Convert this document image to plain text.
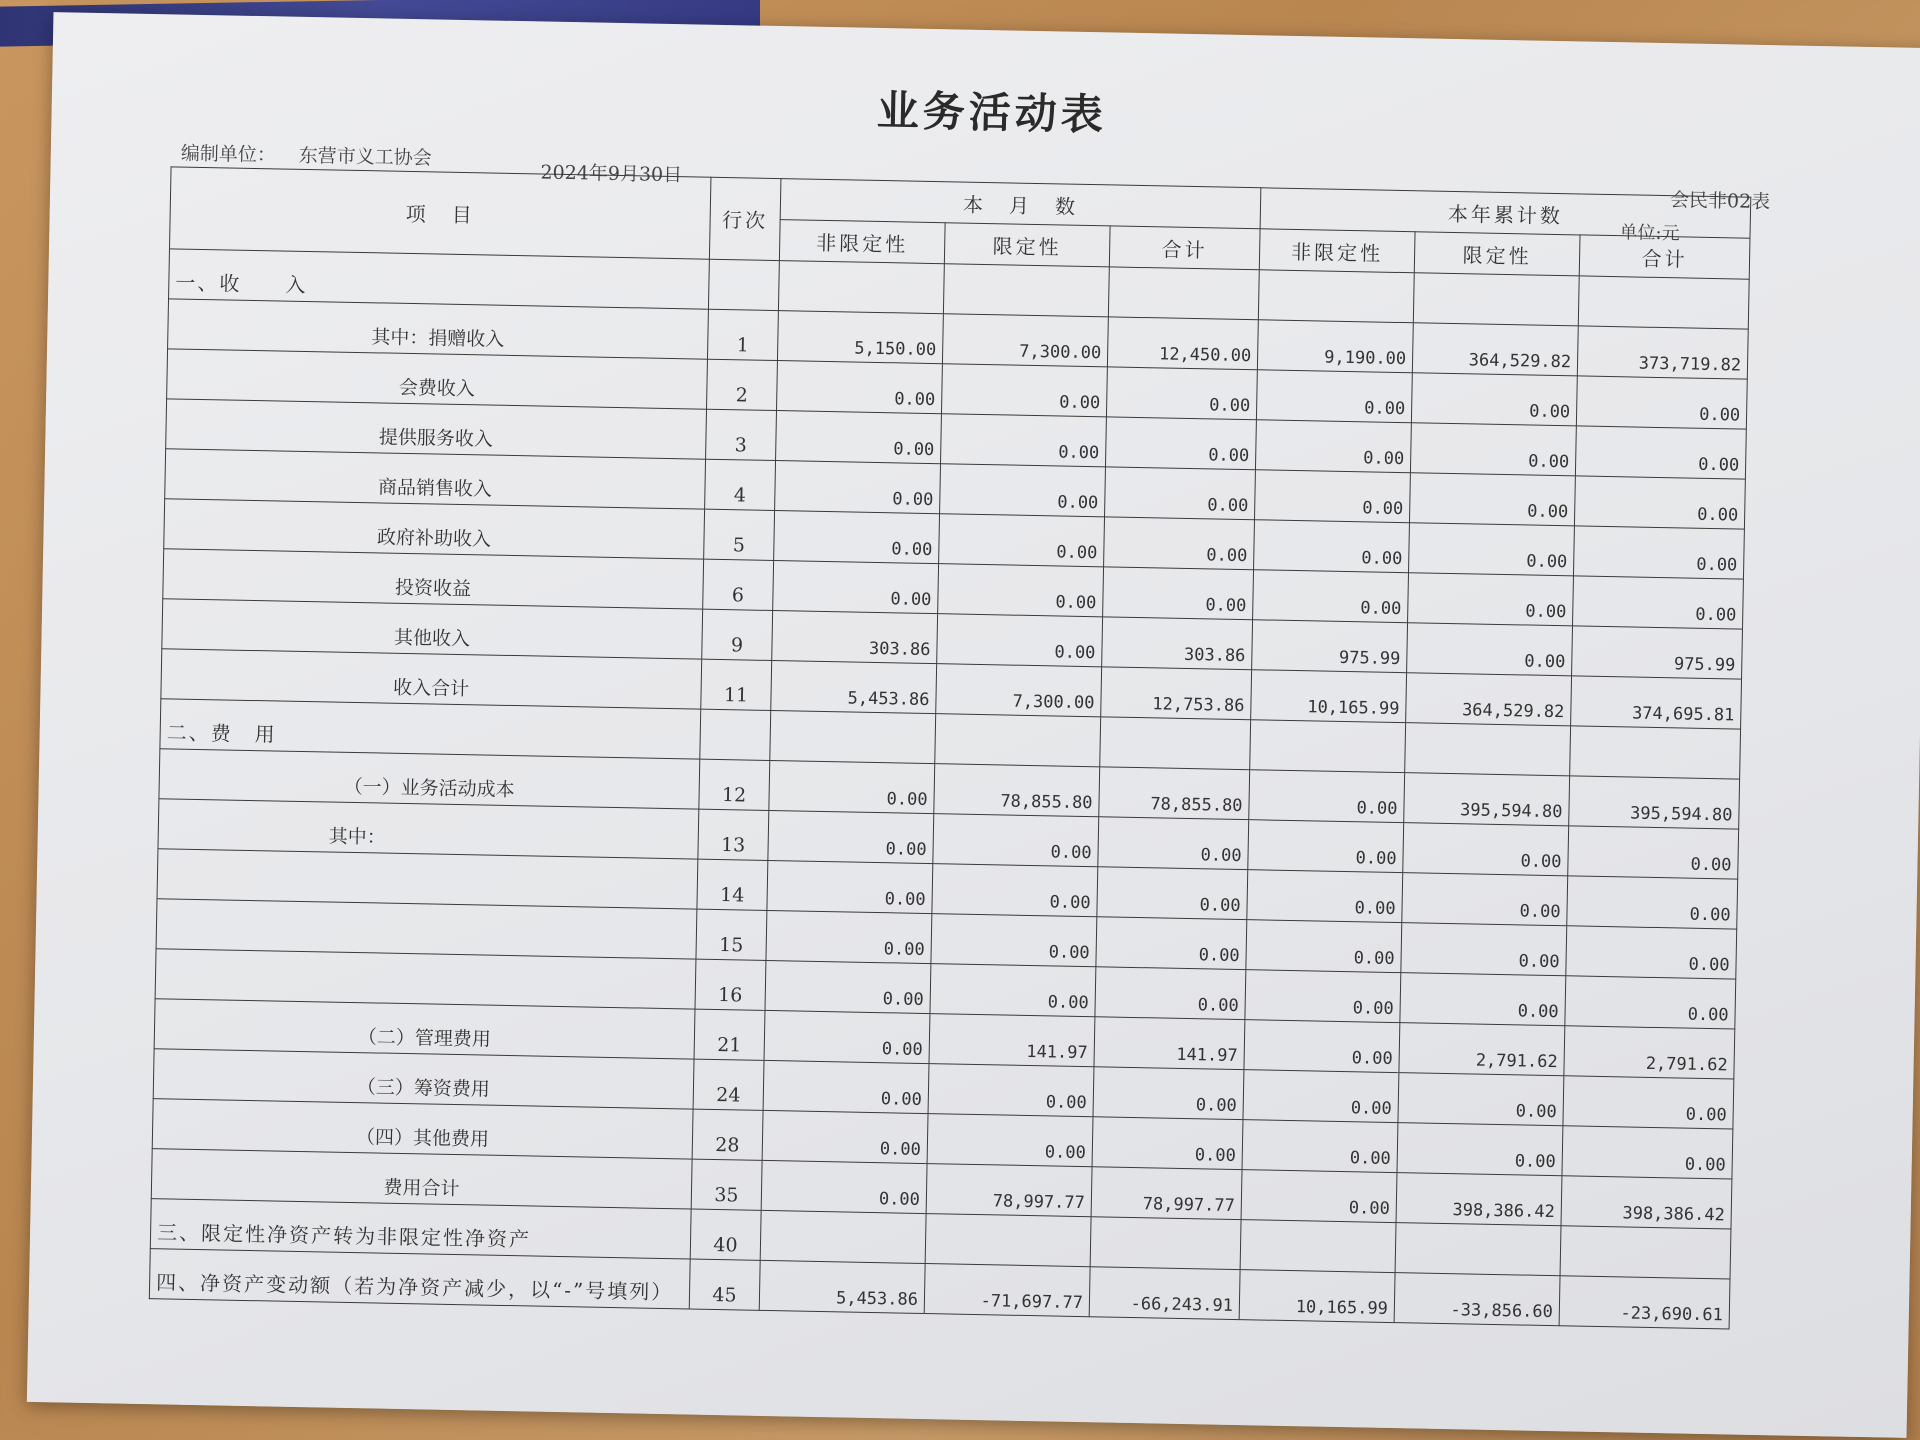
业务活动表
编制单位： 东营市义工协会
2024年9月30日
会民非02表
单位:元
项　目	行次	本　月　数			本年累计数		
		非限定性	限定性	合计	非限定性	限定性	合计
一、收　　入							
其中：捐赠收入	1	5,150.00	7,300.00	12,450.00	9,190.00	364,529.82	373,719.82
会费收入	2	0.00	0.00	0.00	0.00	0.00	0.00
提供服务收入	3	0.00	0.00	0.00	0.00	0.00	0.00
商品销售收入	4	0.00	0.00	0.00	0.00	0.00	0.00
政府补助收入	5	0.00	0.00	0.00	0.00	0.00	0.00
投资收益	6	0.00	0.00	0.00	0.00	0.00	0.00
其他收入	9	303.86	0.00	303.86	975.99	0.00	975.99
收入合计	11	5,453.86	7,300.00	12,753.86	10,165.99	364,529.82	374,695.81
二、费　用							
（一）业务活动成本	12	0.00	78,855.80	78,855.80	0.00	395,594.80	395,594.80
其中：	13	0.00	0.00	0.00	0.00	0.00	0.00
	14	0.00	0.00	0.00	0.00	0.00	0.00
	15	0.00	0.00	0.00	0.00	0.00	0.00
	16	0.00	0.00	0.00	0.00	0.00	0.00
（二）管理费用	21	0.00	141.97	141.97	0.00	2,791.62	2,791.62
（三）筹资费用	24	0.00	0.00	0.00	0.00	0.00	0.00
（四）其他费用	28	0.00	0.00	0.00	0.00	0.00	0.00
费用合计	35	0.00	78,997.77	78,997.77	0.00	398,386.42	398,386.42
三、限定性净资产转为非限定性净资产	40						
四、净资产变动额（若为净资产减少，以“-”号填列）	45	5,453.86	-71,697.77	-66,243.91	10,165.99	-33,856.60	-23,690.61
